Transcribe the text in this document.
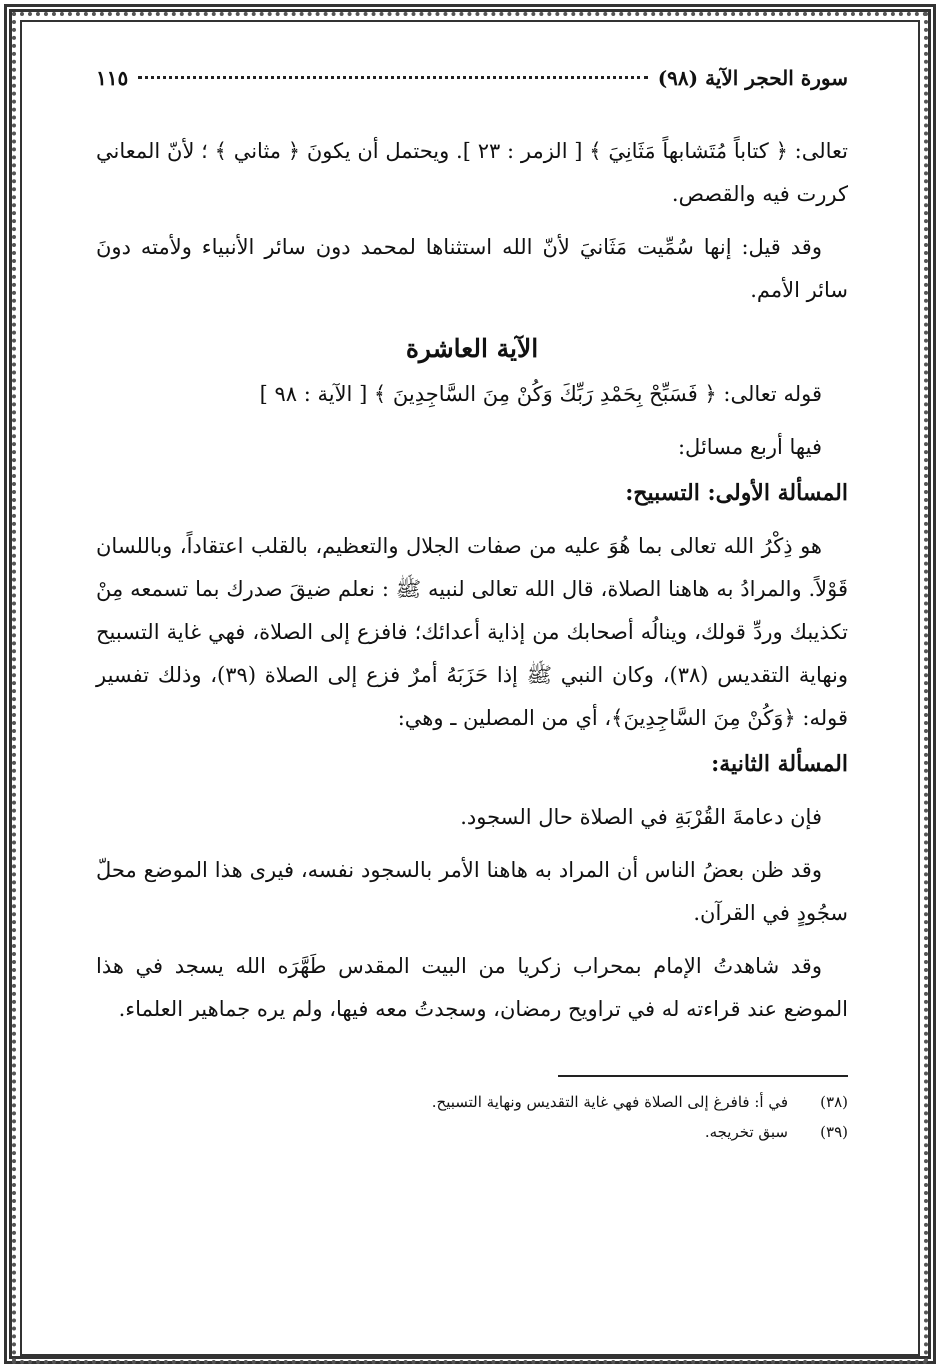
سورة الحجر الآية (٩٨)
١١٥

تعالى: ﴿ كتاباً مُتَشابهاً مَثَانِيَ ﴾ [ الزمر : ٢٣ ]. ويحتمل أن يكونَ ﴿ مثاني ﴾ ؛ لأنّ المعاني كررت فيه والقصص.

وقد قيل: إنها سُمِّيت مَثَانيَ لأنّ الله استثناها لمحمد دون سائر الأنبياء ولأمته دونَ سائر الأمم.

الآية العاشرة

قوله تعالى: ﴿ فَسَبِّحْ بِحَمْدِ رَبِّكَ وَكُنْ مِنَ السَّاجِدِينَ ﴾ [ الآية : ٩٨ ]

فيها أربع مسائل:

المسألة الأولى: التسبيح:

هو ذِكْرُ الله تعالى بما هُوَ عليه من صفات الجلال والتعظيم، بالقلب اعتقاداً، وباللسان قَوْلاً. والمرادُ به هاهنا الصلاة، قال الله تعالى لنبيه ﷺ : نعلم ضيقَ صدرك بما تسمعه مِنْ تكذيبك وردِّ قولك، وينالُه أصحابك من إذاية أعدائك؛ فافزع إلى الصلاة، فهي غاية التسبيح ونهاية التقديس (٣٨)، وكان النبي ﷺ إذا حَزَبَهُ أمرٌ فزع إلى الصلاة (٣٩)، وذلك تفسير قوله: ﴿وَكُنْ مِنَ السَّاجِدِينَ﴾، أي من المصلين ـ وهي:

المسألة الثانية:

فإن دعامةَ القُرْبَةِ في الصلاة حال السجود.

وقد ظن بعضُ الناس أن المراد به هاهنا الأمر بالسجود نفسه، فيرى هذا الموضع محلّ سجُودٍ في القرآن.

وقد شاهدتُ الإمام بمحراب زكريا من البيت المقدس طَهَّرَه الله يسجد في هذا الموضع عند قراءته له في تراويح رمضان، وسجدتُ معه فيها، ولم يره جماهير العلماء.

(٣٨)
في أ: فافرغ إلى الصلاة فهي غاية التقديس ونهاية التسبيح.
(٣٩)
سبق تخريجه.
